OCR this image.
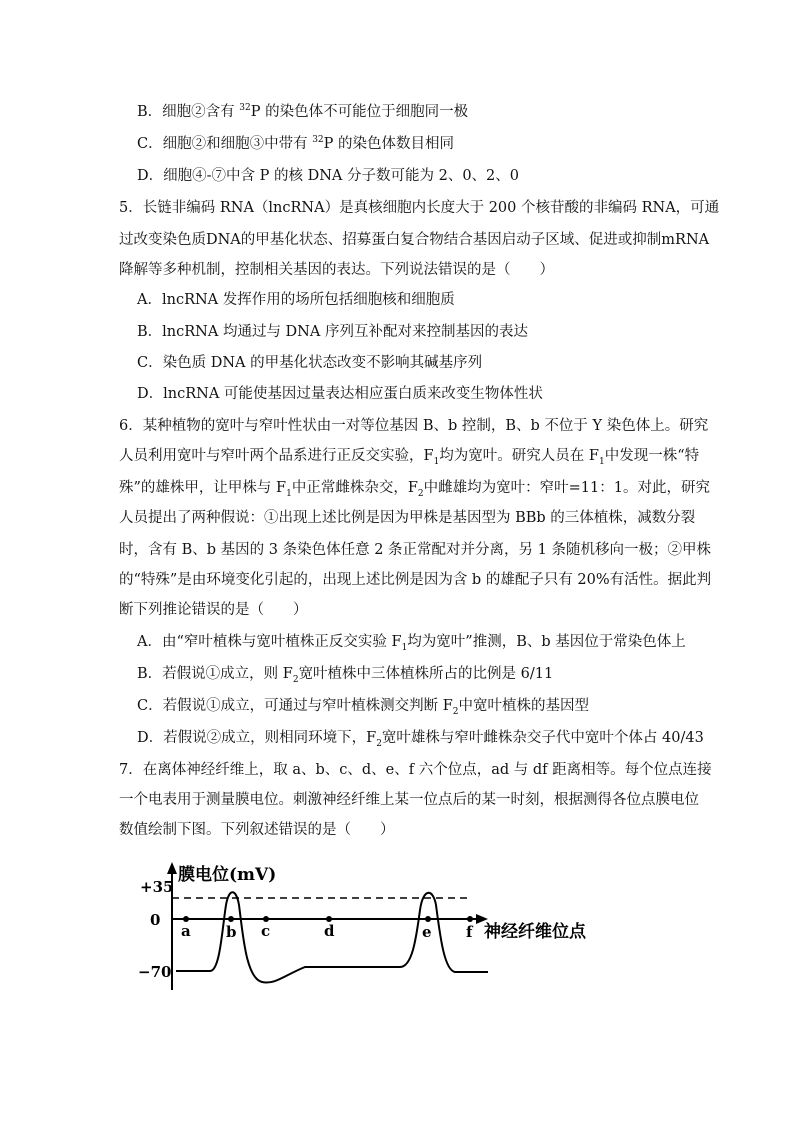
B．细胞②含有 $^{32}$P 的染色体不可能位于细胞同一极
C．细胞②和细胞③中带有 $^{32}$P 的染色体数目相同
D．细胞④-⑦中含 P 的核 DNA 分子数可能为 2、0、2、0
5．长链非编码 RNA（lncRNA）是真核细胞内长度大于 200 个核苷酸的非编码 RNA，可通
过改变染色质DNA的甲基化状态、招募蛋白复合物结合基因启动子区域、促进或抑制mRNA
降解等多种机制，控制相关基因的表达。下列说法错误的是（　　）
A．lncRNA 发挥作用的场所包括细胞核和细胞质
B．lncRNA 均通过与 DNA 序列互补配对来控制基因的表达
C．染色质 DNA 的甲基化状态改变不影响其碱基序列
D．lncRNA 可能使基因过量表达相应蛋白质来改变生物体性状
6．某种植物的宽叶与窄叶性状由一对等位基因 B、b 控制，B、b 不位于 Y 染色体上。研究
人员利用宽叶与窄叶两个品系进行正反交实验，$F_1$均为宽叶。研究人员在 $F_1$中发现一株“特
殊”的雄株甲，让甲株与 $F_1$中正常雌株杂交，$F_2$中雌雄均为宽叶：窄叶=11：1。对此，研究
人员提出了两种假说：①出现上述比例是因为甲株是基因型为 BBb 的三体植株，减数分裂
时，含有 B、b 基因的 3 条染色体任意 2 条正常配对并分离，另 1 条随机移向一极；②甲株
的“特殊”是由环境变化引起的，出现上述比例是因为含 b 的雄配子只有 20%有活性。据此判
断下列推论错误的是（　　）
A．由“窄叶植株与宽叶植株正反交实验 $F_1$均为宽叶”推测，B、b 基因位于常染色体上
B．若假说①成立，则 $F_2$宽叶植株中三体植株所占的比例是 6/11
C．若假说①成立，可通过与窄叶植株测交判断 $F_2$中宽叶植株的基因型
D．若假说②成立，则相同环境下，$F_2$宽叶雄株与窄叶雌株杂交子代中宽叶个体占 40/43
7．在离体神经纤维上，取 a、b、c、d、e、f 六个位点，ad 与 df 距离相等。每个位点连接
一个电表用于测量膜电位。刺激神经纤维上某一位点后的某一时刻，根据测得各位点膜电位
数值绘制下图。下列叙述错误的是（　　）
+35
0
−70
膜电位(mV)
神经纤维位点
a b c	d	e f
